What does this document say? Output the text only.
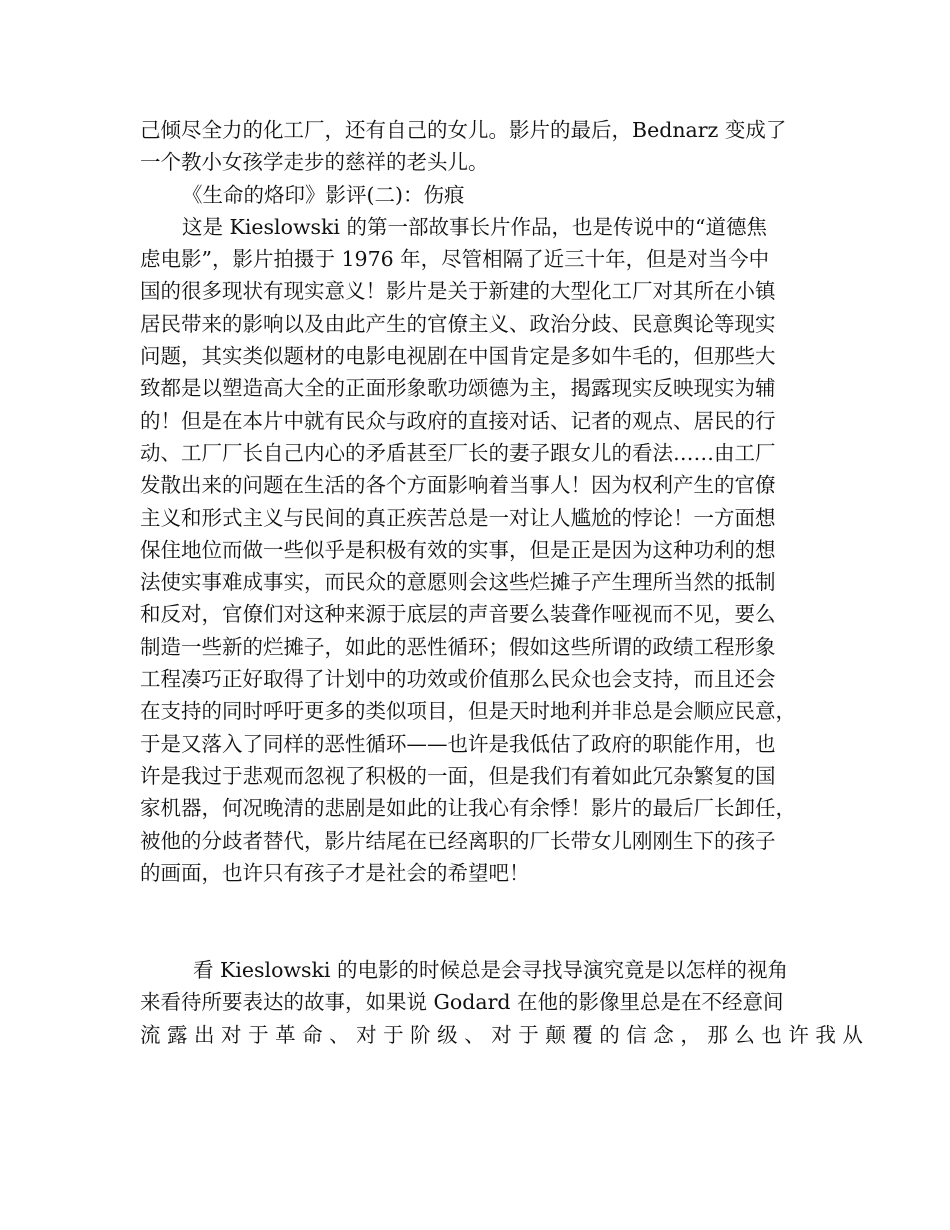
己倾尽全力的化工厂，还有自己的女儿。影片的最后，Bednarz 变成了
一个教小女孩学走步的慈祥的老头儿。
《生命的烙印》影评(二)：伤痕
这是 Kieslowski 的第一部故事长片作品，也是传说中的“道德焦
虑电影”，影片拍摄于 1976 年，尽管相隔了近三十年，但是对当今中
国的很多现状有现实意义！影片是关于新建的大型化工厂对其所在小镇
居民带来的影响以及由此产生的官僚主义、政治分歧、民意舆论等现实
问题，其实类似题材的电影电视剧在中国肯定是多如牛毛的，但那些大
致都是以塑造高大全的正面形象歌功颂德为主，揭露现实反映现实为辅
的！但是在本片中就有民众与政府的直接对话、记者的观点、居民的行
动、工厂厂长自己内心的矛盾甚至厂长的妻子跟女儿的看法……由工厂
发散出来的问题在生活的各个方面影响着当事人！因为权利产生的官僚
主义和形式主义与民间的真正疾苦总是一对让人尴尬的悖论！一方面想
保住地位而做一些似乎是积极有效的实事，但是正是因为这种功利的想
法使实事难成事实，而民众的意愿则会这些烂摊子产生理所当然的抵制
和反对，官僚们对这种来源于底层的声音要么装聋作哑视而不见，要么
制造一些新的烂摊子，如此的恶性循环；假如这些所谓的政绩工程形象
工程凑巧正好取得了计划中的功效或价值那么民众也会支持，而且还会
在支持的同时呼吁更多的类似项目，但是天时地利并非总是会顺应民意，
于是又落入了同样的恶性循环——也许是我低估了政府的职能作用，也
许是我过于悲观而忽视了积极的一面，但是我们有着如此冗杂繁复的国
家机器，何况晚清的悲剧是如此的让我心有余悸！影片的最后厂长卸任，
被他的分歧者替代，影片结尾在已经离职的厂长带女儿刚刚生下的孩子
的画面，也许只有孩子才是社会的希望吧！
看 Kieslowski 的电影的时候总是会寻找导演究竟是以怎样的视角
来看待所要表达的故事，如果说 Godard 在他的影像里总是在不经意间
流 露 出 对 于 革 命 、 对 于 阶 级 、 对 于 颠 覆 的 信 念 ， 那 么 也 许 我 从
